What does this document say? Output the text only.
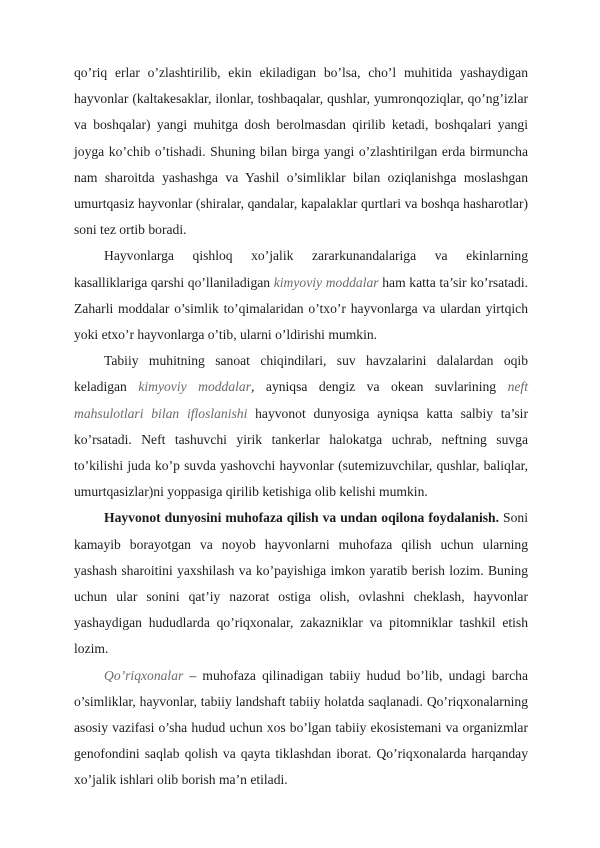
qo’riq erlar o’zlashtirilib, ekin ekiladigan bo’lsa, cho’l muhitida yashaydigan hayvonlar (kaltakesaklar, ilonlar, toshbaqalar, qushlar, yumronqoziqlar, qo’ng’izlar va boshqalar) yangi muhitga dosh berolmasdan qirilib ketadi, boshqalari yangi joyga ko’chib o’tishadi. Shuning bilan birga yangi o’zlashtirilgan erda birmuncha nam sharoitda yashashga va Yashil o’simliklar bilan oziqlanishga moslashgan umurtqasiz hayvonlar (shiralar, qandalar, kapalaklar qurtlari va boshqa hasharotlar) soni tez ortib boradi.

Hayvonlarga qishloq xo’jalik zararkunandalariga va ekinlarning kasalliklariga qarshi qo’llaniladigan kimyoviy moddalar ham katta ta’sir ko’rsatadi. Zaharli moddalar o’simlik to’qimalaridan o’txo’r hayvonlarga va ulardan yirtqich yoki etxo’r hayvonlarga o’tib, ularni o’ldirishi mumkin.

Tabiiy muhitning sanoat chiqindilari, suv havzalarini dalalardan oqib keladigan kimyoviy moddalar, ayniqsa dengiz va okean suvlarining neft mahsulotlari bilan ifloslanishi hayvonot dunyosiga ayniqsa katta salbiy ta’sir ko’rsatadi. Neft tashuvchi yirik tankerlar halokatga uchrab, neftning suvga to’kilishi juda ko’p suvda yashovchi hayvonlar (sutemizuvchilar, qushlar, baliqlar, umurtqasizlar)ni yoppasiga qirilib ketishiga olib kelishi mumkin.

Hayvonot dunyosini muhofaza qilish va undan oqilona foydalanish. Soni kamayib borayotgan va noyob hayvonlarni muhofaza qilish uchun ularning yashash sharoitini yaxshilash va ko’payishiga imkon yaratib berish lozim. Buning uchun ular sonini qat’iy nazorat ostiga olish, ovlashni cheklash, hayvonlar yashaydigan hududlarda qo’riqxonalar, zakazniklar va pitomniklar tashkil etish lozim.

Qo’riqxonalar – muhofaza qilinadigan tabiiy hudud bo’lib, undagi barcha o’simliklar, hayvonlar, tabiiy landshaft tabiiy holatda saqlanadi. Qo’riqxonalarning asosiy vazifasi o’sha hudud uchun xos bo’lgan tabiiy ekosistemani va organizmlar genofondini saqlab qolish va qayta tiklashdan iborat. Qo’riqxonalarda harqanday xo’jalik ishlari olib borish ma’n etiladi.
